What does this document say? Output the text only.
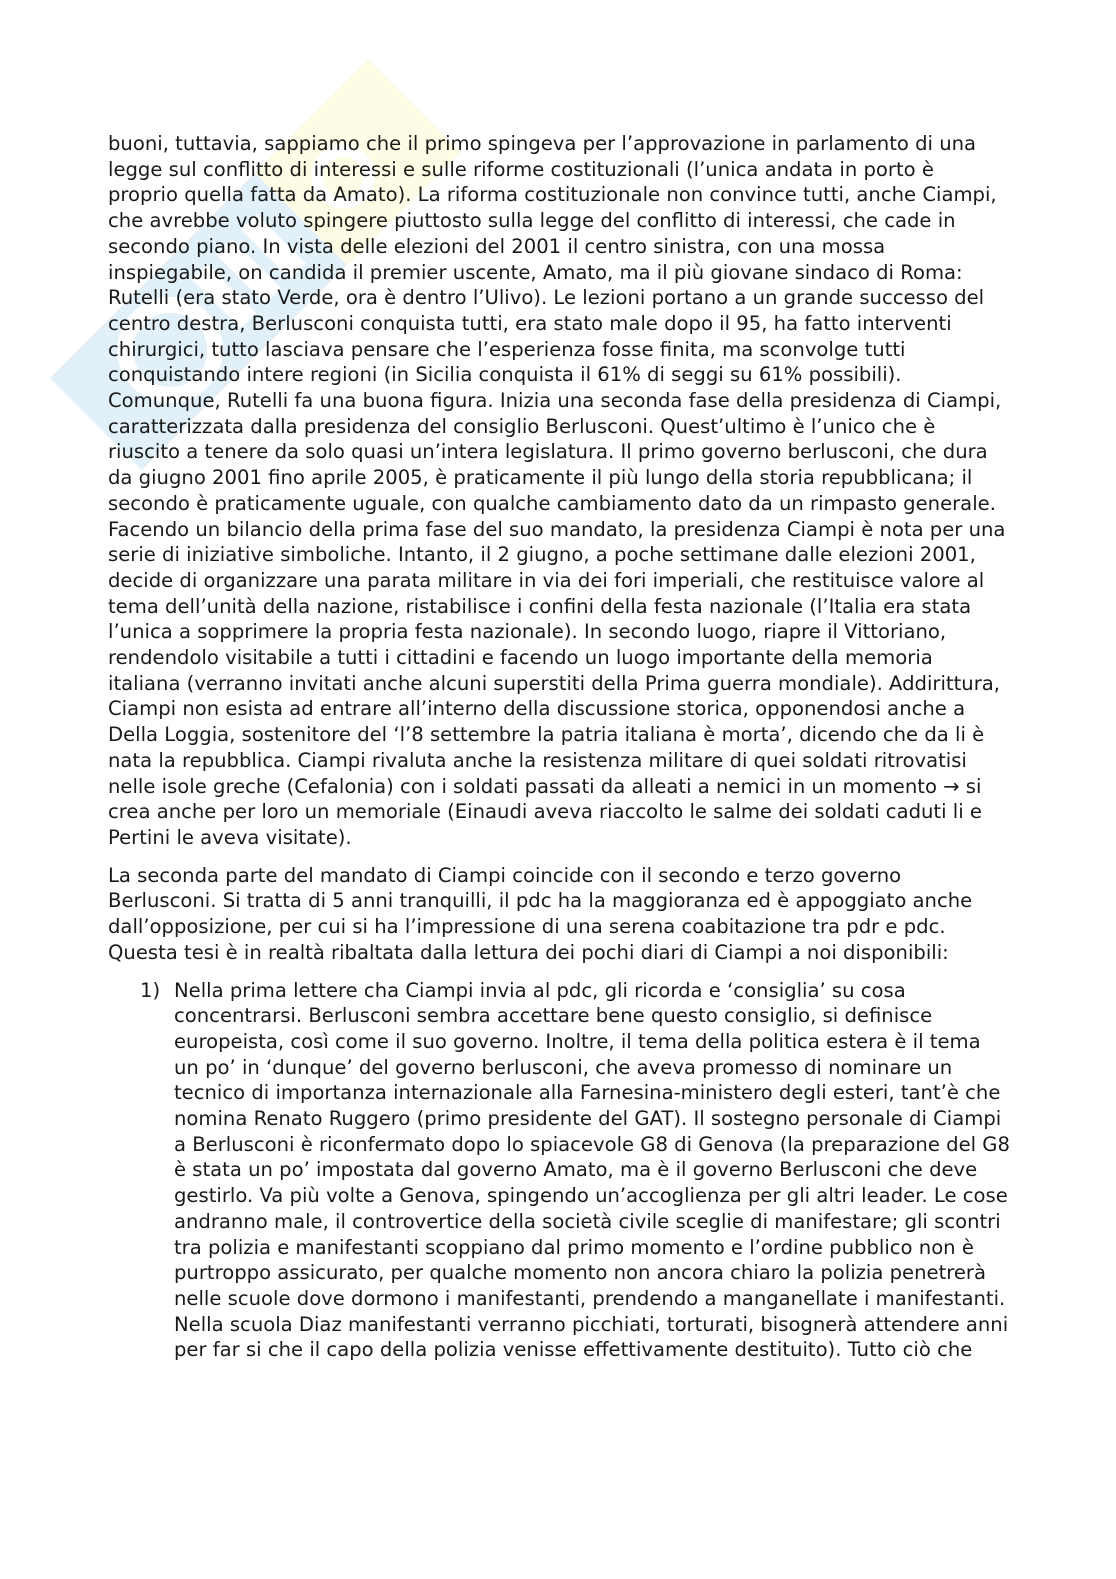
buoni, tuttavia, sappiamo che il primo spingeva per l’approvazione in parlamento di una legge sul conflitto di interessi e sulle riforme costituzionali (l’unica andata in porto è proprio quella fatta da Amato). La riforma costituzionale non convince tutti, anche Ciampi, che avrebbe voluto spingere piuttosto sulla legge del conflitto di interessi, che cade in secondo piano. In vista delle elezioni del 2001 il centro sinistra, con una mossa inspiegabile, on candida il premier uscente, Amato, ma il più giovane sindaco di Roma: Rutelli (era stato Verde, ora è dentro l’Ulivo). Le lezioni portano a un grande successo del centro destra, Berlusconi conquista tutti, era stato male dopo il 95, ha fatto interventi chirurgici, tutto lasciava pensare che l’esperienza fosse finita, ma sconvolge tutti conquistando intere regioni (in Sicilia conquista il 61% di seggi su 61% possibili). Comunque, Rutelli fa una buona figura. Inizia una seconda fase della presidenza di Ciampi, caratterizzata dalla presidenza del consiglio Berlusconi. Quest’ultimo è l’unico che è riuscito a tenere da solo quasi un’intera legislatura. Il primo governo berlusconi, che dura da giugno 2001 fino aprile 2005, è praticamente il più lungo della storia repubblicana; il secondo è praticamente uguale, con qualche cambiamento dato da un rimpasto generale. Facendo un bilancio della prima fase del suo mandato, la presidenza Ciampi è nota per una serie di iniziative simboliche. Intanto, il 2 giugno, a poche settimane dalle elezioni 2001, decide di organizzare una parata militare in via dei fori imperiali, che restituisce valore al tema dell’unità della nazione, ristabilisce i confini della festa nazionale (l’Italia era stata l’unica a sopprimere la propria festa nazionale). In secondo luogo, riapre il Vittoriano, rendendolo visitabile a tutti i cittadini e facendo un luogo importante della memoria italiana (verranno invitati anche alcuni superstiti della Prima guerra mondiale). Addirittura, Ciampi non esista ad entrare all’interno della discussione storica, opponendosi anche a Della Loggia, sostenitore del ‘l’8 settembre la patria italiana è morta’, dicendo che da li è nata la repubblica. Ciampi rivaluta anche la resistenza militare di quei soldati ritrovatisi nelle isole greche (Cefalonia) con i soldati passati da alleati a nemici in un momento → si crea anche per loro un memoriale (Einaudi aveva riaccolto le salme dei soldati caduti li e Pertini le aveva visitate).

La seconda parte del mandato di Ciampi coincide con il secondo e terzo governo Berlusconi. Si tratta di 5 anni tranquilli, il pdc ha la maggioranza ed è appoggiato anche dall’opposizione, per cui si ha l’impressione di una serena coabitazione tra pdr e pdc. Questa tesi è in realtà ribaltata dalla lettura dei pochi diari di Ciampi a noi disponibili:

1) Nella prima lettere cha Ciampi invia al pdc, gli ricorda e ‘consiglia’ su cosa concentrarsi. Berlusconi sembra accettare bene questo consiglio, si definisce europeista, così come il suo governo. Inoltre, il tema della politica estera è il tema un po’ in ‘dunque’ del governo berlusconi, che aveva promesso di nominare un tecnico di importanza internazionale alla Farnesina-ministero degli esteri, tant’è che nomina Renato Ruggero (primo presidente del GAT). Il sostegno personale di Ciampi a Berlusconi è riconfermato dopo lo spiacevole G8 di Genova (la preparazione del G8 è stata un po’ impostata dal governo Amato, ma è il governo Berlusconi che deve gestirlo. Va più volte a Genova, spingendo un’accoglienza per gli altri leader. Le cose andranno male, il controvertice della società civile sceglie di manifestare; gli scontri tra polizia e manifestanti scoppiano dal primo momento e l’ordine pubblico non è purtroppo assicurato, per qualche momento non ancora chiaro la polizia penetrerà nelle scuole dove dormono i manifestanti, prendendo a manganellate i manifestanti. Nella scuola Diaz manifestanti verranno picchiati, torturati, bisognerà attendere anni per far si che il capo della polizia venisse effettivamente destituito). Tutto ciò che
